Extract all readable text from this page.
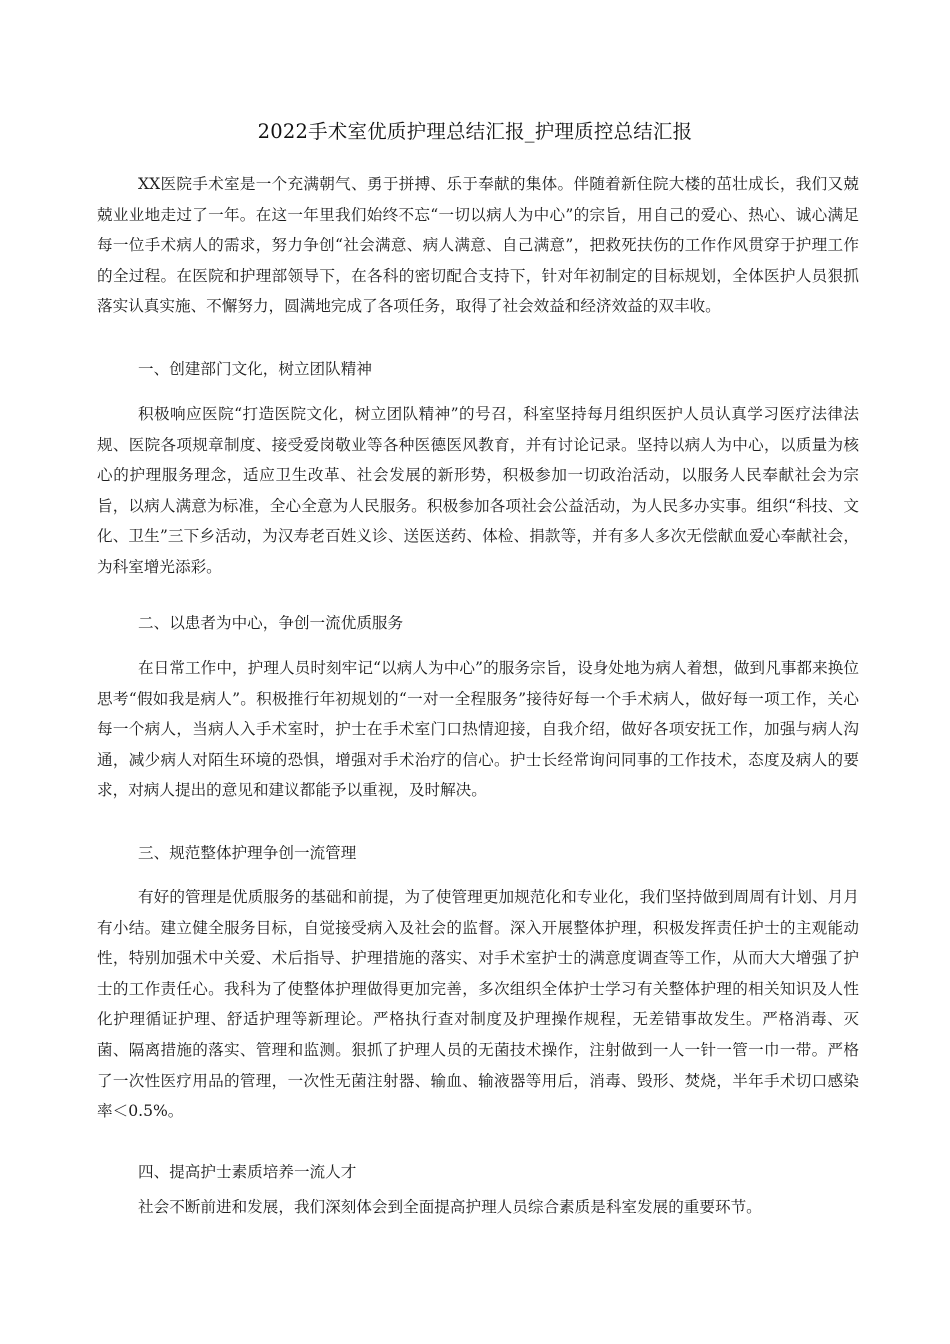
2022手术室优质护理总结汇报_护理质控总结汇报

XX医院手术室是一个充满朝气、勇于拼搏、乐于奉献的集体。伴随着新住院大楼的茁壮成长，我们又兢兢业业地走过了一年。在这一年里我们始终不忘“一切以病人为中心”的宗旨，用自己的爱心、热心、诚心满足每一位手术病人的需求，努力争创“社会满意、病人满意、自己满意”，把救死扶伤的工作作风贯穿于护理工作的全过程。在医院和护理部领导下，在各科的密切配合支持下，针对年初制定的目标规划，全体医护人员狠抓落实认真实施、不懈努力，圆满地完成了各项任务，取得了社会效益和经济效益的双丰收。

一、创建部门文化，树立团队精神

积极响应医院“打造医院文化，树立团队精神”的号召，科室坚持每月组织医护人员认真学习医疗法律法规、医院各项规章制度、接受爱岗敬业等各种医德医风教育，并有讨论记录。坚持以病人为中心，以质量为核心的护理服务理念，适应卫生改革、社会发展的新形势，积极参加一切政治活动，以服务人民奉献社会为宗旨，以病人满意为标准，全心全意为人民服务。积极参加各项社会公益活动，为人民多办实事。组织“科技、文化、卫生”三下乡活动，为汉寿老百姓义诊、送医送药、体检、捐款等，并有多人多次无偿献血爱心奉献社会，为科室增光添彩。

二、以患者为中心，争创一流优质服务

在日常工作中，护理人员时刻牢记“以病人为中心”的服务宗旨，设身处地为病人着想，做到凡事都来换位思考“假如我是病人”。积极推行年初规划的“一对一全程服务”接待好每一个手术病人，做好每一项工作，关心每一个病人，当病人入手术室时，护士在手术室门口热情迎接，自我介绍，做好各项安抚工作，加强与病人沟通，减少病人对陌生环境的恐惧，增强对手术治疗的信心。护士长经常询问同事的工作技术，态度及病人的要求，对病人提出的意见和建议都能予以重视，及时解决。

三、规范整体护理争创一流管理

有好的管理是优质服务的基础和前提，为了使管理更加规范化和专业化，我们坚持做到周周有计划、月月有小结。建立健全服务目标，自觉接受病入及社会的监督。深入开展整体护理，积极发挥责任护士的主观能动性，特别加强术中关爱、术后指导、护理措施的落实、对手术室护士的满意度调查等工作，从而大大增强了护士的工作责任心。我科为了使整体护理做得更加完善，多次组织全体护士学习有关整体护理的相关知识及人性化护理循证护理、舒适护理等新理论。严格执行查对制度及护理操作规程，无差错事故发生。严格消毒、灭菌、隔离措施的落实、管理和监测。狠抓了护理人员的无菌技术操作，注射做到一人一针一管一巾一带。严格了一次性医疗用品的管理，一次性无菌注射器、输血、输液器等用后，消毒、毁形、焚烧，半年手术切口感染率＜0.5%。

四、提高护士素质培养一流人才

社会不断前进和发展，我们深刻体会到全面提高护理人员综合素质是科室发展的重要环节。
